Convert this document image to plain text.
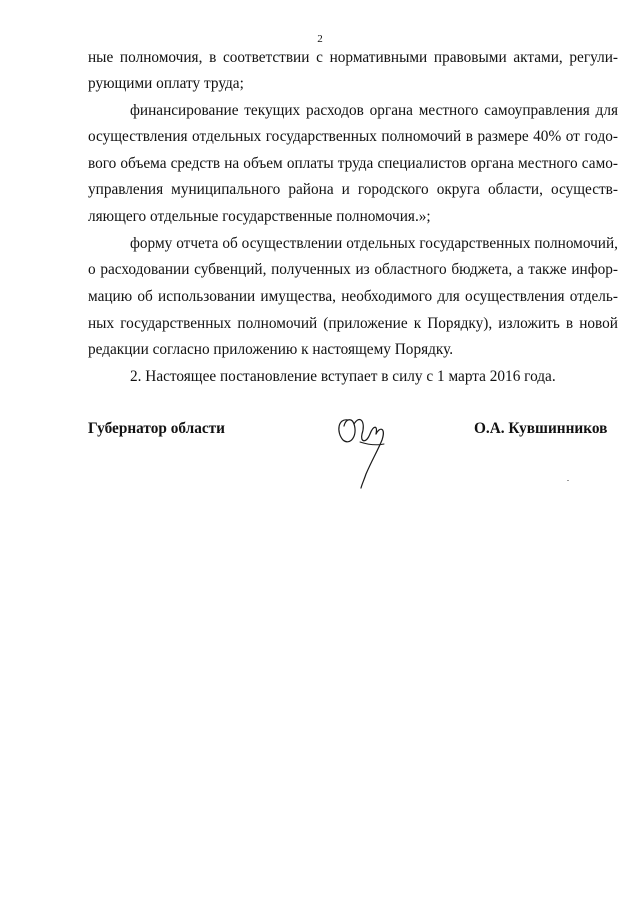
2
ные полномочия, в соответствии с нормативными правовыми актами, регули-
рующими оплату труда;
финансирование текущих расходов органа местного самоуправления для
осуществления отдельных государственных полномочий в размере 40% от годо-
вого объема средств на объем оплаты труда специалистов органа местного само-
управления муниципального района и городского округа области, осуществ-
ляющего отдельные государственные полномочия.»;
форму отчета об осуществлении отдельных государственных полномочий,
о расходовании субвенций, полученных из областного бюджета, а также инфор-
мацию об использовании имущества, необходимого для осуществления отдель-
ных государственных полномочий (приложение к Порядку), изложить в новой
редакции согласно приложению к настоящему Порядку.
2. Настоящее постановление вступает в силу с 1 марта 2016 года.
Губернатор области	О.А. Кувшинников
